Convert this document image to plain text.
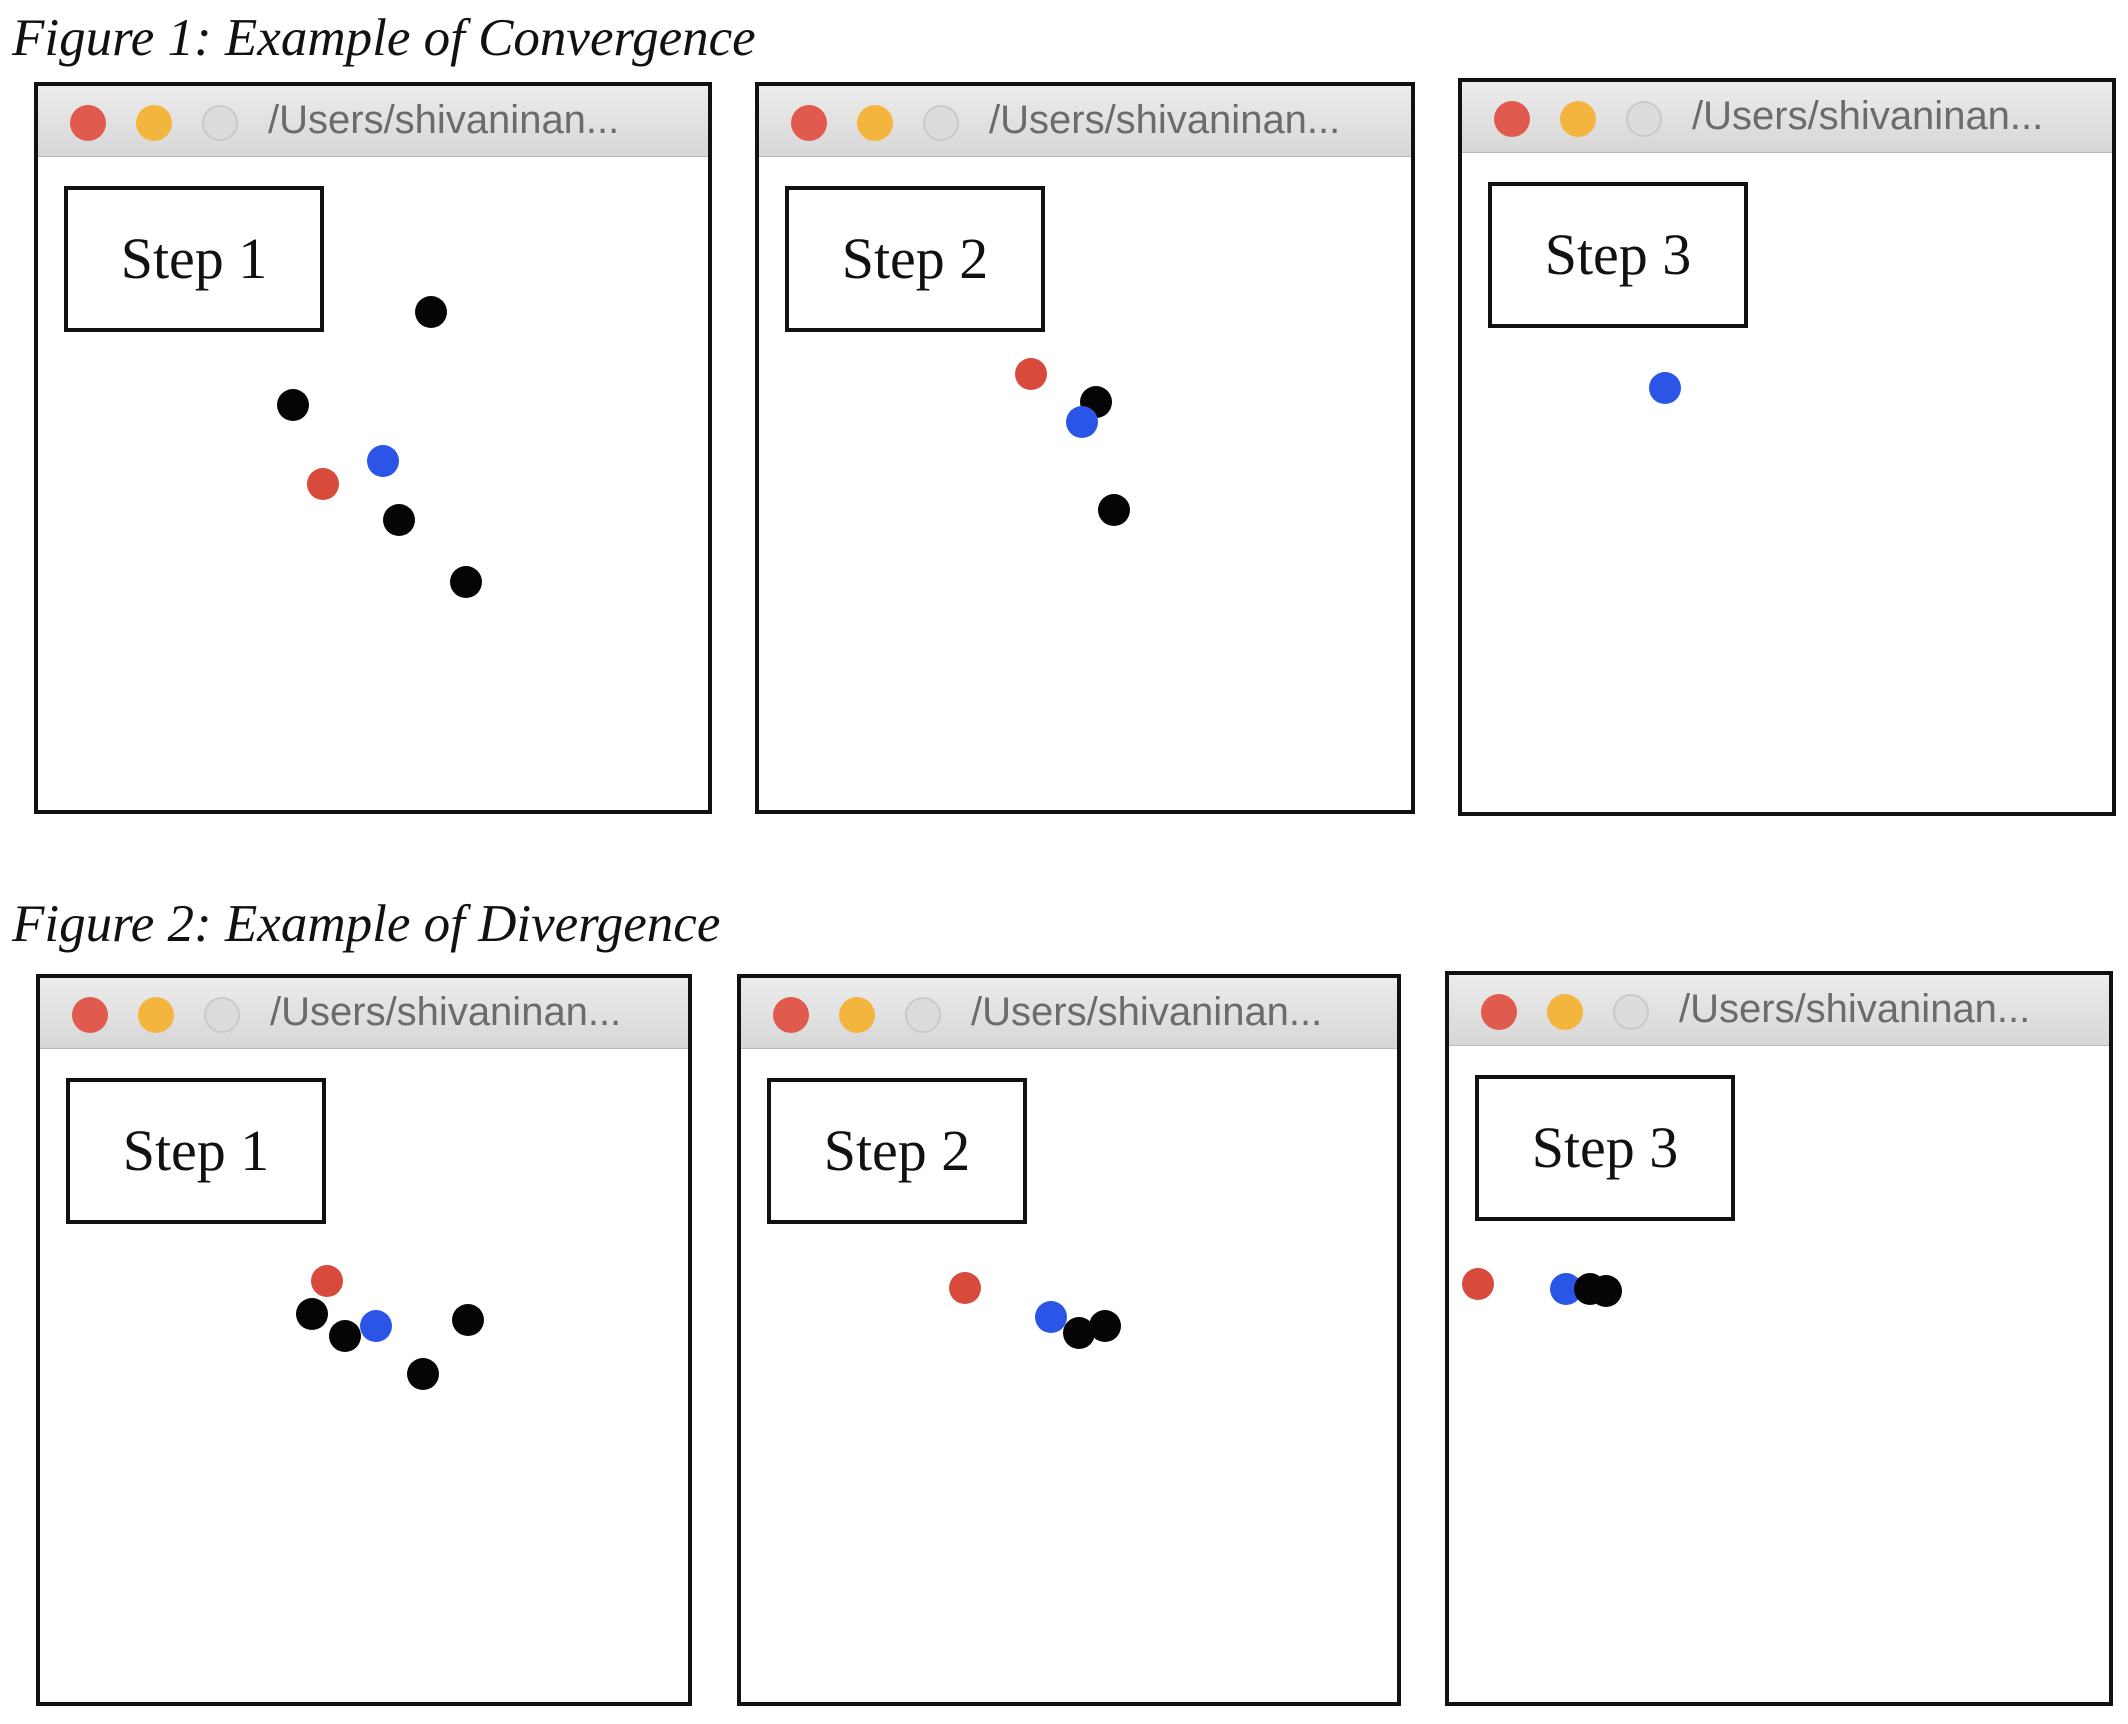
Figure 1: Example of Convergence
/Users/shivaninan...
Step 1
/Users/shivaninan...
Step 2
/Users/shivaninan...
Step 3
Figure 2: Example of Divergence
/Users/shivaninan...
Step 1
/Users/shivaninan...
Step 2
/Users/shivaninan...
Step 3
